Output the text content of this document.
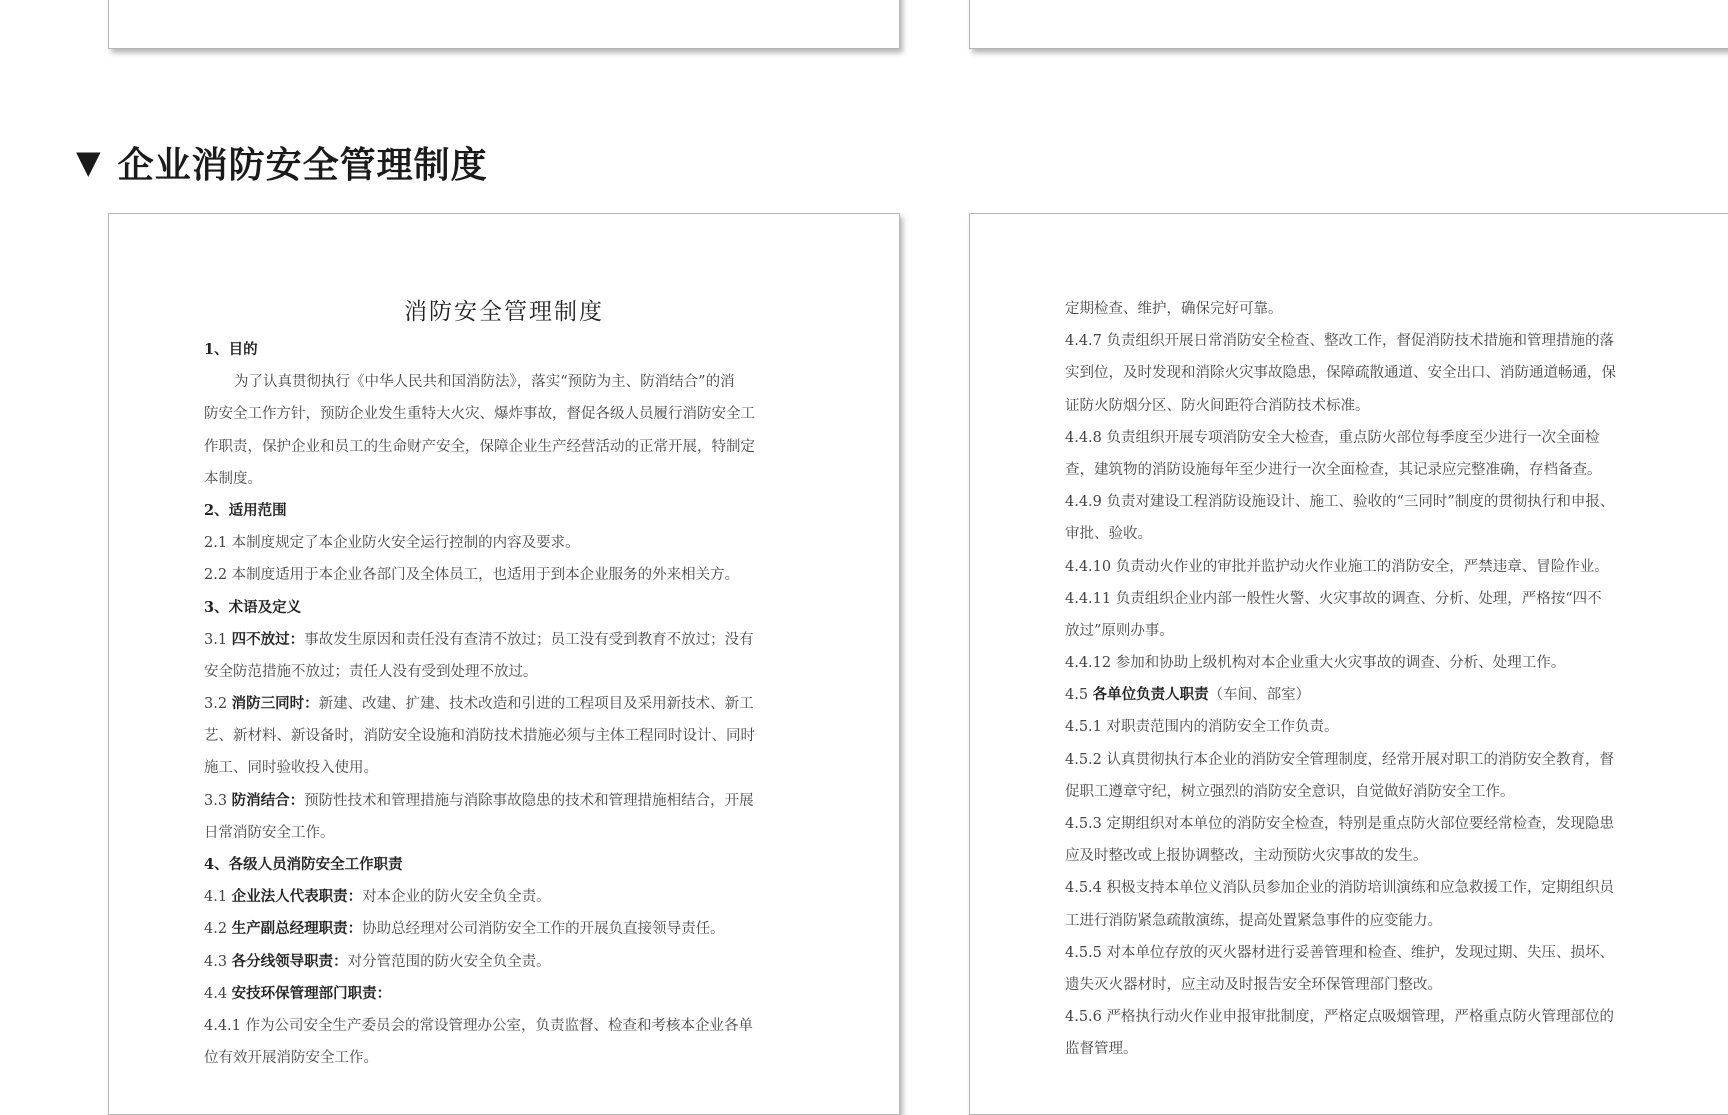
▼ 企业消防安全管理制度
消防安全管理制度
1、目的
为了认真贯彻执行《中华人民共和国消防法》，落实“预防为主、防消结合”的消
防安全工作方针，预防企业发生重特大火灾、爆炸事故，督促各级人员履行消防安全工
作职责，保护企业和员工的生命财产安全，保障企业生产经营活动的正常开展，特制定
本制度。
2、适用范围
2.1 本制度规定了本企业防火安全运行控制的内容及要求。
2.2 本制度适用于本企业各部门及全体员工，也适用于到本企业服务的外来相关方。
3、术语及定义
3.1 四不放过：事故发生原因和责任没有查清不放过；员工没有受到教育不放过；没有
安全防范措施不放过；责任人没有受到处理不放过。
3.2 消防三同时：新建、改建、扩建、技术改造和引进的工程项目及采用新技术、新工
艺、新材料、新设备时，消防安全设施和消防技术措施必须与主体工程同时设计、同时
施工、同时验收投入使用。
3.3 防消结合：预防性技术和管理措施与消除事故隐患的技术和管理措施相结合，开展
日常消防安全工作。
4、各级人员消防安全工作职责
4.1 企业法人代表职责：对本企业的防火安全负全责。
4.2 生产副总经理职责：协助总经理对公司消防安全工作的开展负直接领导责任。
4.3 各分线领导职责：对分管范围的防火安全负全责。
4.4 安技环保管理部门职责：
4.4.1 作为公司安全生产委员会的常设管理办公室，负责监督、检查和考核本企业各单
位有效开展消防安全工作。
定期检查、维护，确保完好可靠。
4.4.7 负责组织开展日常消防安全检查、整改工作，督促消防技术措施和管理措施的落
实到位，及时发现和消除火灾事故隐患，保障疏散通道、安全出口、消防通道畅通，保
证防火防烟分区、防火间距符合消防技术标准。
4.4.8 负责组织开展专项消防安全大检查，重点防火部位每季度至少进行一次全面检
查，建筑物的消防设施每年至少进行一次全面检查，其记录应完整准确，存档备查。
4.4.9 负责对建设工程消防设施设计、施工、验收的“三同时”制度的贯彻执行和申报、
审批、验收。
4.4.10 负责动火作业的审批并监护动火作业施工的消防安全，严禁违章、冒险作业。
4.4.11 负责组织企业内部一般性火警、火灾事故的调查、分析、处理，严格按“四不
放过”原则办事。
4.4.12 参加和协助上级机构对本企业重大火灾事故的调查、分析、处理工作。
4.5 各单位负责人职责（车间、部室）
4.5.1 对职责范围内的消防安全工作负责。
4.5.2 认真贯彻执行本企业的消防安全管理制度，经常开展对职工的消防安全教育，督
促职工遵章守纪，树立强烈的消防安全意识，自觉做好消防安全工作。
4.5.3 定期组织对本单位的消防安全检查，特别是重点防火部位要经常检查，发现隐患
应及时整改或上报协调整改，主动预防火灾事故的发生。
4.5.4 积极支持本单位义消队员参加企业的消防培训演练和应急救援工作，定期组织员
工进行消防紧急疏散演练，提高处置紧急事件的应变能力。
4.5.5 对本单位存放的灭火器材进行妥善管理和检查、维护，发现过期、失压、损坏、
遗失灭火器材时，应主动及时报告安全环保管理部门整改。
4.5.6 严格执行动火作业申报审批制度，严格定点吸烟管理，严格重点防火管理部位的
监督管理。
